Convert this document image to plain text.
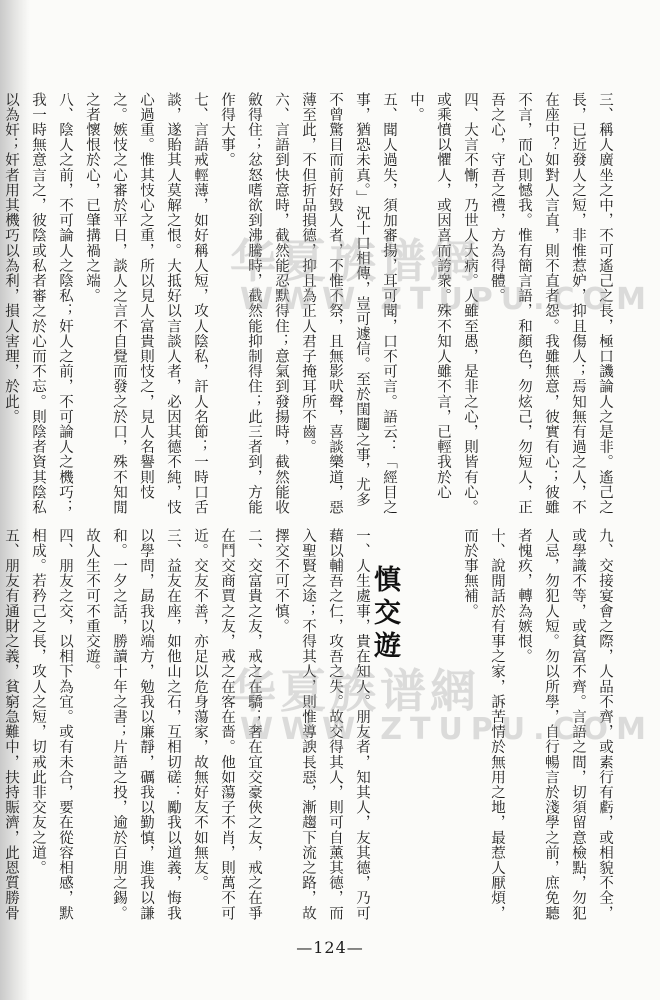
三、稱人廣坐之中，不可遙己之長，極口譏論人之是非。遙己之長，已近發人之短，非惟惹妒，抑且傷人；焉知無有過之人，不在座中？如對人言直，則不直者怨。我雖無意，彼實有心；彼雖不言，而心則憾我。惟有簡言語，和顏色，勿炫己，勿短人，正吾之心，守吾之禮，方為得體。
四、大言不慚，乃世人大病。人雖至愚，是非之心，則皆有心。或乘憤以懼人，或因喜而誇衆。殊不知人雖不言，已輕我於心中。
五、聞人過失，須加審揚，耳可聞，口不可言。語云：「經目之事，猶恐未真。」況十口相傳，豈可遽信。至於閨闥之事，尤多不曾驚目而前好毀人者，不惟不祭，且無影吠聲，喜談樂道，惡薄至此，不但折品損德，抑且為正人君子掩耳所不齒。
六、言語到快意時，截然能忍默得住；意氣到發揚時，截然能收斂得住；忿怒嗜欲到沸騰時，截然能抑制得住；此三者到，方能作得大事。
七、言語戒輕薄，如好稱人短，攻人陰私，訐人名節；一時口舌談，遂貽其人莫解之恨。大抵好以言談人者，必因其德不純，忮心過重。惟其忮心之重，所以見人富貴則忮之，見人名譽則忮之。嫉忮之心審於平日，談人之言不自覺而發之於口，殊不知閒之者懷恨於心，已肇搆禍之端。
八、陰人之前，不可論人之陰私；奸人之前，不可論人之機巧；我一時無意言之，彼陰或私者審之於心而不忘。則陰者資其陰私以為奸；奸者用其機巧以為利，損人害理，於此。
九、交接宴會之際，人品不齊，或素行有虧，或相貌不全，或學識不等，或貧富不齊。言語之間，切須留意檢點，勿犯人忌，勿犯人短。勿以所學，自行暢言於淺學之前，庶免聽者愧疚，轉為嫉恨。
十、說閒話於有事之家，訴苦情於無用之地，最惹人厭煩，而於事無補。

一、人生處事，貴在知人。朋友者，知其人，友其德，乃可藉以輔吾之仁，攻吾之失。故交得其人，則可自薰其德，而入聖賢之途；不得其人，則惟導諛長惡，漸趨下流之路，故擇交不可不慎。
二、交富貴之友，戒之在驕；奢在宜交豪俠之友，戒之在爭在鬥交商賈之友，戒之在客在嗇。他如蕩子不肖，則萬不可近。交友不善，亦足以危身蕩家，故無好友不如無友。
三、益友在座，如他山之石，互相切磋：勵我以道義，悔我以學問，勗我以端方，勉我以廉靜，礪我以勤慎，進我以謙和。一夕之話，勝讀十年之書；片語之投，逾於百朋之錫。故人生不可不重交遊。
四、朋友之交，以相下為宜。或有未合，要在從容相感，默相成。若矜己之長，攻人之短，切戒此非交友之道。
五、朋友有通財之義，貧窮急難中，扶持賑濟，此恩質勝骨
慎交遊
华夏族谱網
WWW.ZTUPU.COM
华夏族谱網
WWW.ZTUPU.COM
—124—
